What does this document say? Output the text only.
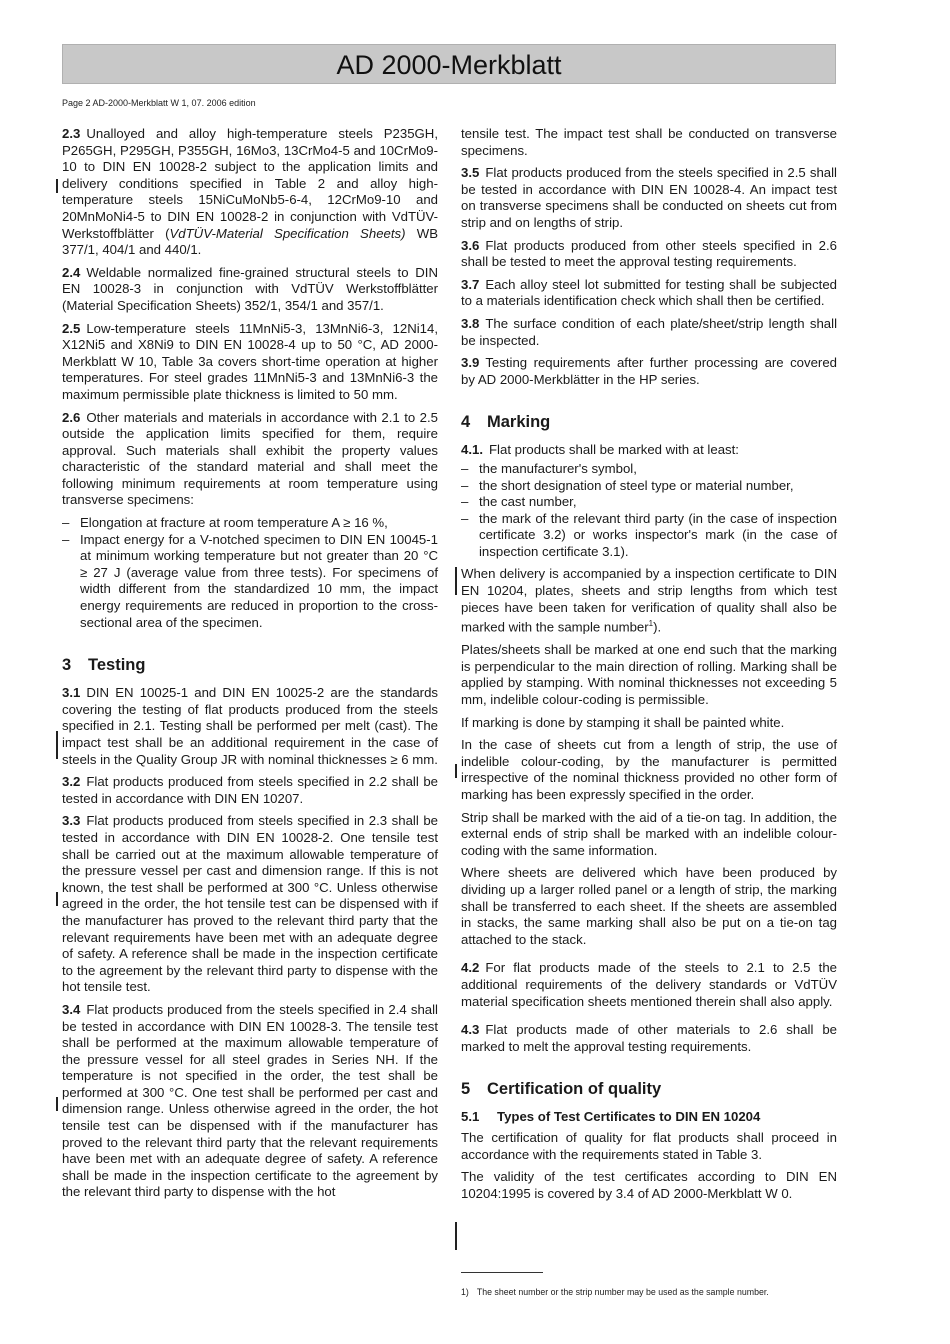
AD 2000-Merkblatt
Page 2 AD-2000-Merkblatt W 1, 07. 2006 edition

2.3 Unalloyed and alloy high-temperature steels P235GH, P265GH, P295GH, P355GH, 16Mo3, 13CrMo4-5 and 10CrMo9-10 to DIN EN 10028-2 subject to the application limits and delivery conditions specified in Table 2 and alloy high-temperature steels 15NiCuMoNb5-6-4, 12CrMo9-10 and 20MnMoNi4-5 to DIN EN 10028-2 in conjunction with VdTÜV-Werkstoffblätter (VdTÜV-Material Specification Sheets) WB 377/1, 404/1 and 440/1.

2.4 Weldable normalized fine-grained structural steels to DIN EN 10028-3 in conjunction with VdTÜV Werkstoffblätter (Material Specification Sheets) 352/1, 354/1 and 357/1.

2.5 Low-temperature steels 11MnNi5-3, 13MnNi6-3, 12Ni14, X12Ni5 and X8Ni9 to DIN EN 10028-4 up to 50 °C, AD 2000-Merkblatt W 10, Table 3a covers short-time operation at higher temperatures. For steel grades 11MnNi5-3 and 13MnNi6-3 the maximum permissible plate thickness is limited to 50 mm.

2.6 Other materials and materials in accordance with 2.1 to 2.5 outside the application limits specified for them, require approval. Such materials shall exhibit the property values characteristic of the standard material and shall meet the following minimum requirements at room temperature using transverse specimens:

– Elongation at fracture at room temperature A ≥ 16 %,
– Impact energy for a V-notched specimen to DIN EN 10045-1 at minimum working temperature but not greater than 20 °C ≥ 27 J (average value from three tests). For specimens of width different from the standardized 10 mm, the impact energy requirements are reduced in proportion to the cross-sectional area of the specimen.
3 Testing

3.1 DIN EN 10025-1 and DIN EN 10025-2 are the standards covering the testing of flat products produced from the steels specified in 2.1. Testing shall be performed per melt (cast). The impact test shall be an additional requirement in the case of steels in the Quality Group JR with nominal thicknesses ≥ 6 mm.

3.2 Flat products produced from steels specified in 2.2 shall be tested in accordance with DIN EN 10207.

3.3 Flat products produced from steels specified in 2.3 shall be tested in accordance with DIN EN 10028-2. One tensile test shall be carried out at the maximum allowable temperature of the pressure vessel per cast and dimension range. If this is not known, the test shall be performed at 300 °C. Unless otherwise agreed in the order, the hot tensile test can be dispensed with if the manufacturer has proved to the relevant third party that the relevant requirements have been met with an adequate degree of safety. A reference shall be made in the inspection certificate to the agreement by the relevant third party to dispense with the hot tensile test.

3.4 Flat products produced from the steels specified in 2.4 shall be tested in accordance with DIN EN 10028-3. The tensile test shall be performed at the maximum allowable temperature of the pressure vessel for all steel grades in Series NH. If the temperature is not specified in the order, the test shall be performed at 300 °C. One test shall be performed per cast and dimension range. Unless otherwise agreed in the order, the hot tensile test can be dispensed with if the manufacturer has proved to the relevant third party that the relevant requirements have been met with an adequate degree of safety. A reference shall be made in the inspection certificate to the agreement by the relevant third party to dispense with the hot

tensile test. The impact test shall be conducted on transverse specimens.

3.5 Flat products produced from the steels specified in 2.5 shall be tested in accordance with DIN EN 10028-4. An impact test on transverse specimens shall be conducted on sheets cut from strip and on lengths of strip.

3.6 Flat products produced from other steels specified in 2.6 shall be tested to meet the approval testing requirements.

3.7 Each alloy steel lot submitted for testing shall be subjected to a materials identification check which shall then be certified.

3.8 The surface condition of each plate/sheet/strip length shall be inspected.

3.9 Testing requirements after further processing are covered by AD 2000-Merkblätter in the HP series.

4 Marking

4.1. Flat products shall be marked with at least:

– the manufacturer's symbol,
– the short designation of steel type or material number,
– the cast number,
– the mark of the relevant third party (in the case of inspection certificate 3.2) or works inspector's mark (in the case of inspection certificate 3.1).

When delivery is accompanied by a inspection certificate to DIN EN 10204, plates, sheets and strip lengths from which test pieces have been taken for verification of quality shall also be marked with the sample number$^1$).

Plates/sheets shall be marked at one end such that the marking is perpendicular to the main direction of rolling. Marking shall be applied by stamping. With nominal thicknesses not exceeding 5 mm, indelible colour-coding is permissible.

If marking is done by stamping it shall be painted white.

In the case of sheets cut from a length of strip, the use of indelible colour-coding, by the manufacturer is permitted irrespective of the nominal thickness provided no other form of marking has been expressly specified in the order.

Strip shall be marked with the aid of a tie-on tag. In addition, the external ends of strip shall be marked with an indelible colour-coding with the same information.

Where sheets are delivered which have been produced by dividing up a larger rolled panel or a length of strip, the marking shall be transferred to each sheet. If the sheets are assembled in stacks, the same marking shall also be put on a tie-on tag attached to the stack.

4.2 For flat products made of the steels to 2.1 to 2.5 the additional requirements of the delivery standards or VdTÜV material specification sheets mentioned therein shall also apply.

4.3 Flat products made of other materials to 2.6 shall be marked to melt the approval testing requirements.

5 Certification of quality
5.1 Types of Test Certificates to DIN EN 10204

The certification of quality for flat products shall proceed in accordance with the requirements stated in Table 3.

The validity of the test certificates according to DIN EN 10204:1995 is covered by 3.4 of AD 2000-Merkblatt W 0.

1) The sheet number or the strip number may be used as the sample number.
